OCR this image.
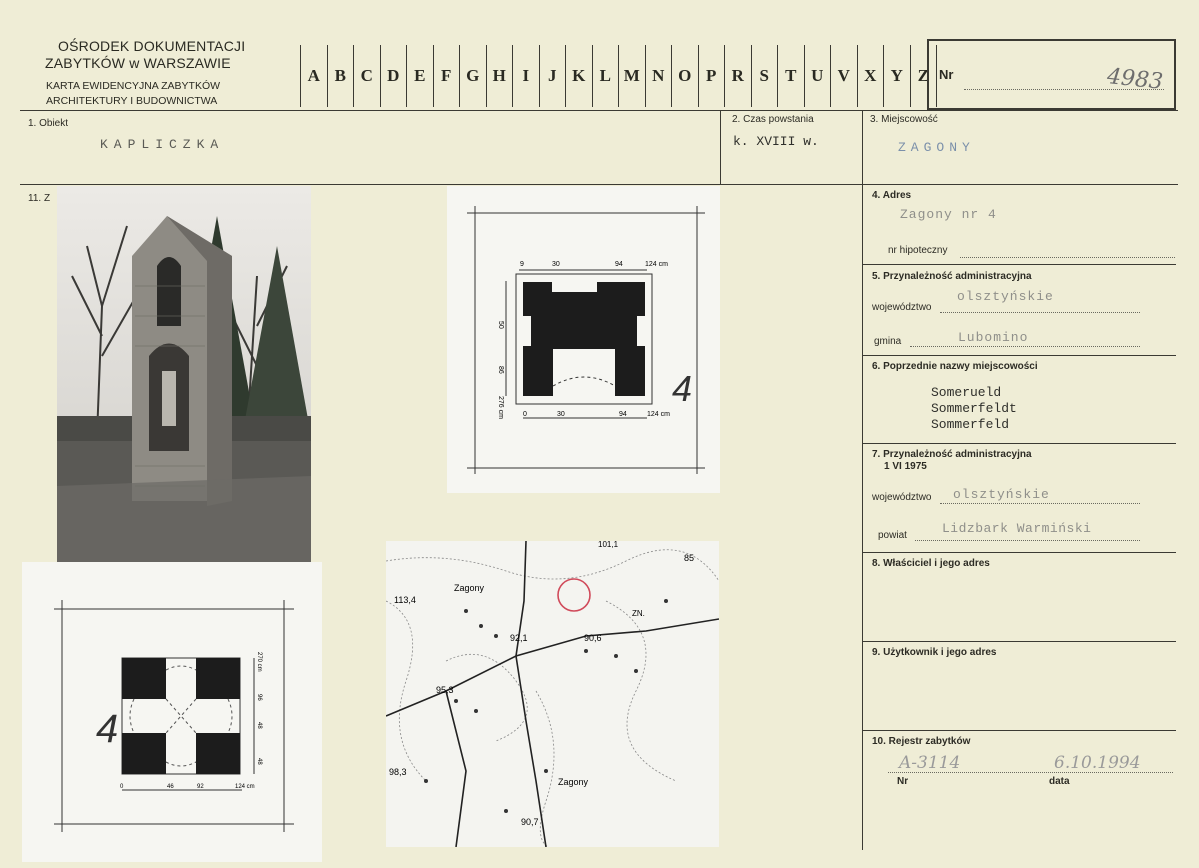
OŚRODEK DOKUMENTACJI
ZABYTKÓW w WARSZAWIE
KARTA EWIDENCYJNA ZABYTKÓW
ARCHITEKTURY I BUDOWNICTWA
A B C D E F G H I	J K L M N O P R S T U V X Y Z Nr	4983
1. Obiekt
KAPLICZKA
2. Czas powstania
k. XVIII w.
3. Miejscowość
ZAGONY
11. Z	4. Adres
Zagony nr 4
nr hipoteczny
5. Przynależność administracyjna
województwo
olsztyńskie
gmina	Lubomino
6. Poprzednie nazwy miejscowości
Somerueld
Sommerfeldt
Sommerfeld
7. Przynależność administracyjna
1 VI 1975
województwo olsztyńskie
powiat	Lidzbark Warmiński
8. Właściciel i jego adres
9. Użytkownik i jego adres
10. Rejestr zabytków
A-3114	6.10.1994
Nr	data
9	30	94	124 cm
0	30	94	124 cm
50
86
276 cm	4
0	46	92	124 cm
270 cm
96
48
48
4
Zagony
113,4
92,1	90,6
95,3
98,3
Zagony
90,7
85
ZN.
101,1
